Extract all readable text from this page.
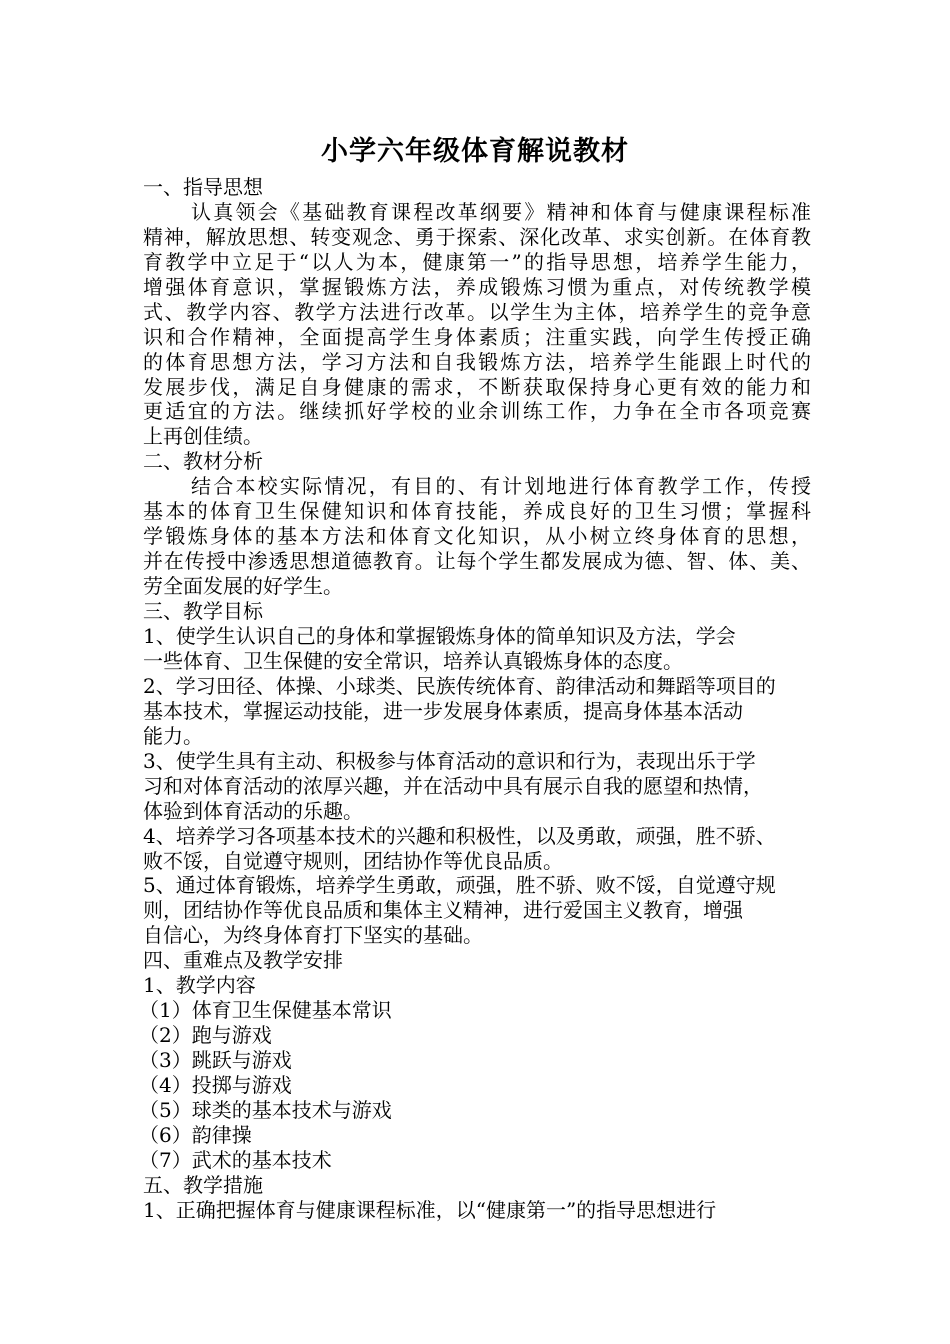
小学六年级体育解说教材
一、指导思想
认真领会《基础教育课程改革纲要》精神和体育与健康课程标准
精神，解放思想、转变观念、勇于探索、深化改革、求实创新。在体育教
育教学中立足于“以人为本，健康第一”的指导思想，培养学生能力，
增强体育意识，掌握锻炼方法，养成锻炼习惯为重点，对传统教学模
式、教学内容、教学方法进行改革。以学生为主体，培养学生的竞争意
识和合作精神，全面提高学生身体素质；注重实践，向学生传授正确
的体育思想方法，学习方法和自我锻炼方法，培养学生能跟上时代的
发展步伐，满足自身健康的需求，不断获取保持身心更有效的能力和
更适宜的方法。继续抓好学校的业余训练工作，力争在全市各项竞赛
上再创佳绩。
二、教材分析
结合本校实际情况，有目的、有计划地进行体育教学工作，传授
基本的体育卫生保健知识和体育技能，养成良好的卫生习惯；掌握科
学锻炼身体的基本方法和体育文化知识，从小树立终身体育的思想，
并在传授中渗透思想道德教育。让每个学生都发展成为德、智、体、美、
劳全面发展的好学生。
三、教学目标
1、使学生认识自己的身体和掌握锻炼身体的简单知识及方法，学会
一些体育、卫生保健的安全常识，培养认真锻炼身体的态度。
2、学习田径、体操、小球类、民族传统体育、韵律活动和舞蹈等项目的
基本技术，掌握运动技能，进一步发展身体素质，提高身体基本活动
能力。
3、使学生具有主动、积极参与体育活动的意识和行为，表现出乐于学
习和对体育活动的浓厚兴趣，并在活动中具有展示自我的愿望和热情，
体验到体育活动的乐趣。
4、培养学习各项基本技术的兴趣和积极性，以及勇敢，顽强，胜不骄、
败不馁，自觉遵守规则，团结协作等优良品质。
5、通过体育锻炼，培养学生勇敢，顽强，胜不骄、败不馁，自觉遵守规
则，团结协作等优良品质和集体主义精神，进行爱国主义教育，增强
自信心，为终身体育打下坚实的基础。
四、重难点及教学安排
1、教学内容
（1）体育卫生保健基本常识
（2）跑与游戏
（3）跳跃与游戏
（4）投掷与游戏
（5）球类的基本技术与游戏
（6）韵律操
（7）武术的基本技术
五、教学措施
1、正确把握体育与健康课程标准，以“健康第一”的指导思想进行
